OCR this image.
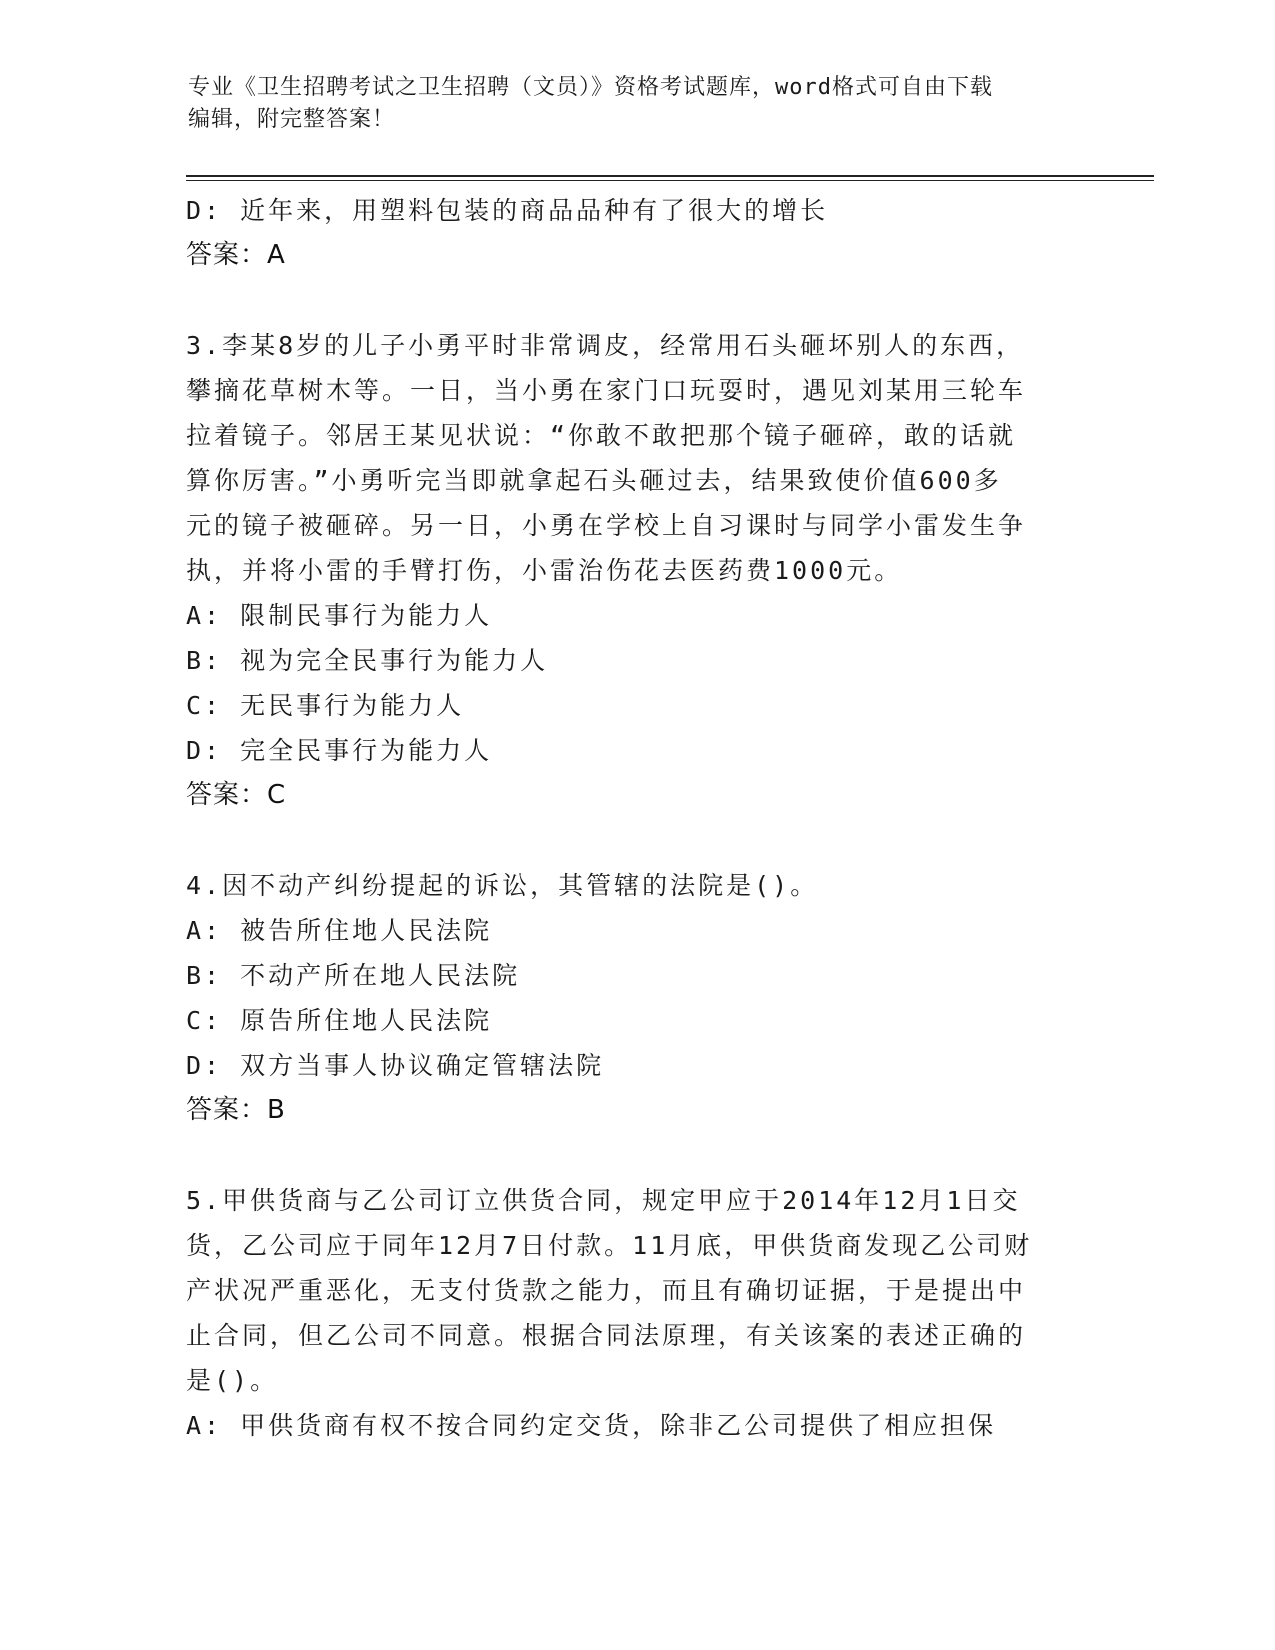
专业《卫生招聘考试之卫生招聘（文员）》资格考试题库，word格式可自由下载
编辑，附完整答案！
D: 近年来，用塑料包装的商品品种有了很大的增长
答案：A
3.李某8岁的儿子小勇平时非常调皮，经常用石头砸坏别人的东西，
攀摘花草树木等。一日，当小勇在家门口玩耍时，遇见刘某用三轮车
拉着镜子。邻居王某见状说：“你敢不敢把那个镜子砸碎，敢的话就
算你厉害。”小勇听完当即就拿起石头砸过去，结果致使价值600多
元的镜子被砸碎。另一日，小勇在学校上自习课时与同学小雷发生争
执，并将小雷的手臂打伤，小雷治伤花去医药费1000元。
A: 限制民事行为能力人
B: 视为完全民事行为能力人
C: 无民事行为能力人
D: 完全民事行为能力人
答案：C
4.因不动产纠纷提起的诉讼，其管辖的法院是()。
A: 被告所住地人民法院
B: 不动产所在地人民法院
C: 原告所住地人民法院
D: 双方当事人协议确定管辖法院
答案：B
5.甲供货商与乙公司订立供货合同，规定甲应于2014年12月1日交
货，乙公司应于同年12月7日付款。11月底，甲供货商发现乙公司财
产状况严重恶化，无支付货款之能力，而且有确切证据，于是提出中
止合同，但乙公司不同意。根据合同法原理，有关该案的表述正确的
是()。
A: 甲供货商有权不按合同约定交货，除非乙公司提供了相应担保
